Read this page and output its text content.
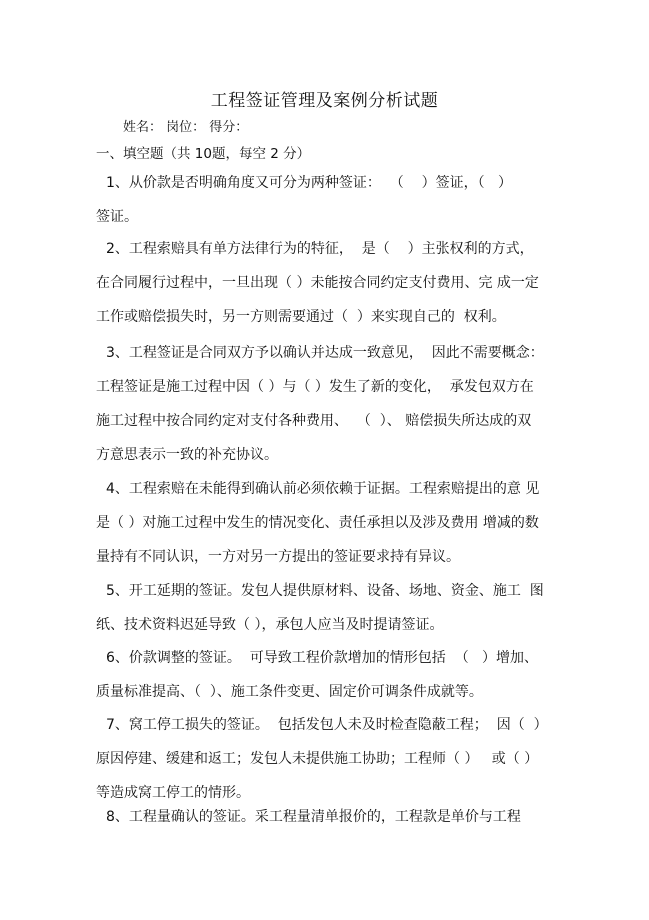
工程签证管理及案例分析试题
姓名： 岗位： 得分：
一、填空题（共 10题，每空 2 分）
1、从价款是否明确角度又可分为两种签证：  （    ）签证，（   ）
签证。
2、工程索赔具有单方法律行为的特征，  是（    ）主张权利的方式，
在合同履行过程中，一旦出现（ ）未能按合同约定支付费用、完 成一定
工作或赔偿损失时，另一方则需要通过（  ）来实现自己的  权利。
3、工程签证是合同双方予以确认并达成一致意见，  因此不需要概念：
工程签证是施工过程中因（ ）与（ ）发生了新的变化，  承发包双方在
施工过程中按合同约定对支付各种费用、  （  ）、 赔偿损失所达成的双
方意思表示一致的补充协议。
4、工程索赔在未能得到确认前必须依赖于证据。工程索赔提出的意 见
是（ ）对施工过程中发生的情况变化、责任承担以及涉及费用 增减的数
量持有不同认识，一方对另一方提出的签证要求持有异议。
5、开工延期的签证。发包人提供原材料、设备、场地、资金、施工  图
纸、技术资料迟延导致（ ），承包人应当及时提请签证。
6、价款调整的签证。  可导致工程价款增加的情形包括  （   ）增加、
质量标准提高、（  ）、施工条件变更、固定价可调条件成就等。
7、窝工停工损失的签证。  包括发包人未及时检查隐蔽工程；  因（  ）
原因停建、缓建和返工；发包人未提供施工协助；工程师（ ）   或（ ）
等造成窝工停工的情形。
8、工程量确认的签证。采工程量清单报价的，工程款是单价与工程
